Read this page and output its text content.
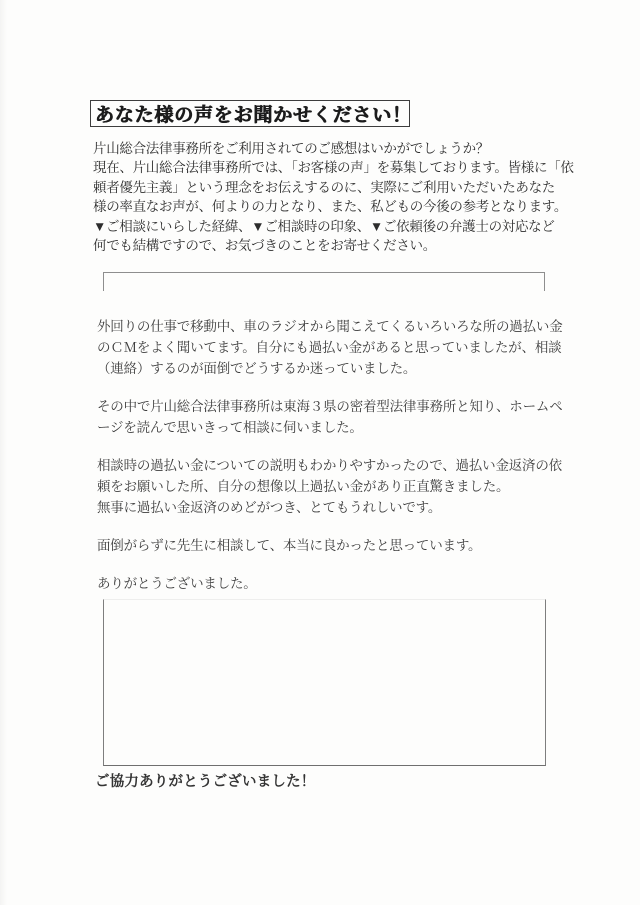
あなた様の声をお聞かせください！
片山総合法律事務所をご利用されてのご感想はいかがでしょうか？
現在、片山総合法律事務所では、「お客様の声」を募集しております。皆様に「依
頼者優先主義」という理念をお伝えするのに、実際にご利用いただいたあなた
様の率直なお声が、何よりの力となり、また、私どもの今後の参考となります。
▼ご相談にいらした経緯、▼ご相談時の印象、▼ご依頼後の弁護士の対応など
何でも結構ですので、お気づきのことをお寄せください。
外回りの仕事で移動中、車のラジオから聞こえてくるいろいろな所の過払い金
のＣＭをよく聞いてます。自分にも過払い金があると思っていましたが、相談
（連絡）するのが面倒でどうするか迷っていました。
その中で片山総合法律事務所は東海３県の密着型法律事務所と知り、ホームペ
ージを読んで思いきって相談に伺いました。
相談時の過払い金についての説明もわかりやすかったので、過払い金返済の依
頼をお願いした所、自分の想像以上過払い金があり正直驚きました。
無事に過払い金返済のめどがつき、とてもうれしいです。
面倒がらずに先生に相談して、本当に良かったと思っています。
ありがとうございました。
ご協力ありがとうございました！
